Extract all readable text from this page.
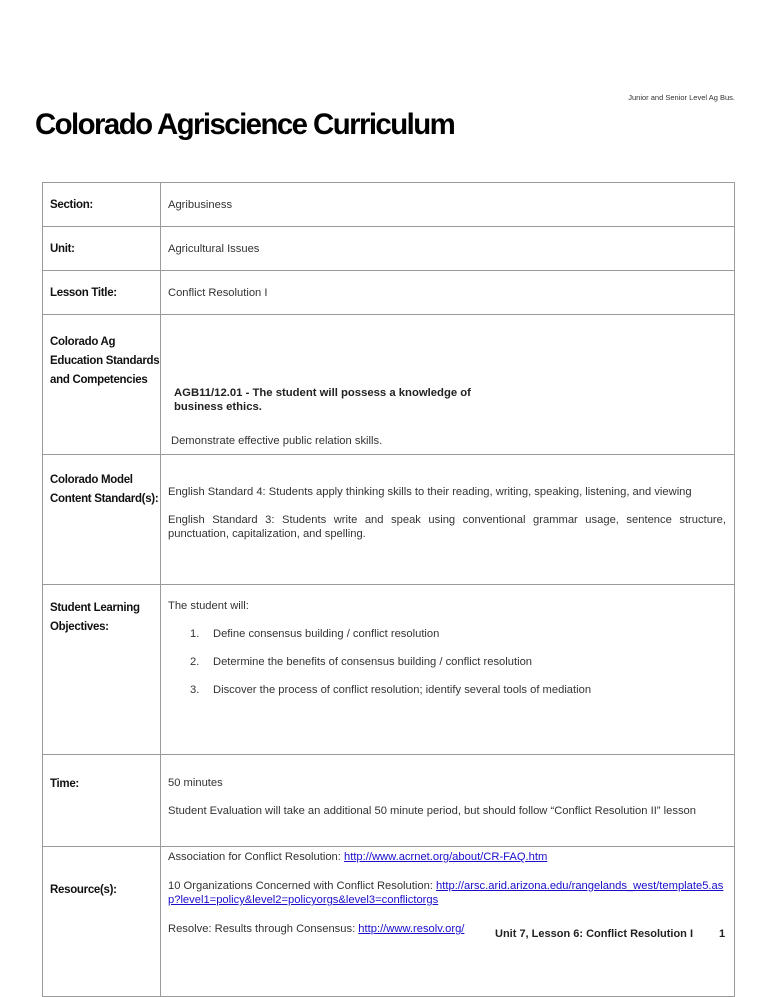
Junior and Senior Level Ag Bus.
Colorado Agriscience Curriculum
Section:	Agribusiness
Unit:	Agricultural Issues
Lesson Title:	Conflict Resolution I
Colorado Ag Education Standards and Competencies	AGB11/12.01 - The student will possess a knowledge of business ethics.
Demonstrate effective public relation skills.

Colorado Model Content Standard(s):	English Standard 4: Students apply thinking skills to their reading, writing, speaking, listening, and viewing
English Standard 3: Students write and speak using conventional grammar usage, sentence structure, punctuation, capitalization, and spelling.

Student Learning Objectives:	
The student will:
1.	Define consensus building / conflict resolution
2.	Determine the benefits of consensus building / conflict resolution
3.	Discover the process of conflict resolution; identify several tools of mediation

Time:	50 minutes
Student Evaluation will take an additional 50 minute period, but should follow “Conflict Resolution II” lesson

Resource(s):	Association for Conflict Resolution: http://www.acrnet.org/about/CR-FAQ.htm
10 Organizations Concerned with Conflict Resolution: http://arsc.arid.arizona.edu/rangelands_west/template5.asp?level1=policy&level2=policyorgs&level3=conflictorgs
Resolve: Results through Consensus: http://www.resolv.org/	Unit 7, Lesson 6: Conflict Resolution I 1
